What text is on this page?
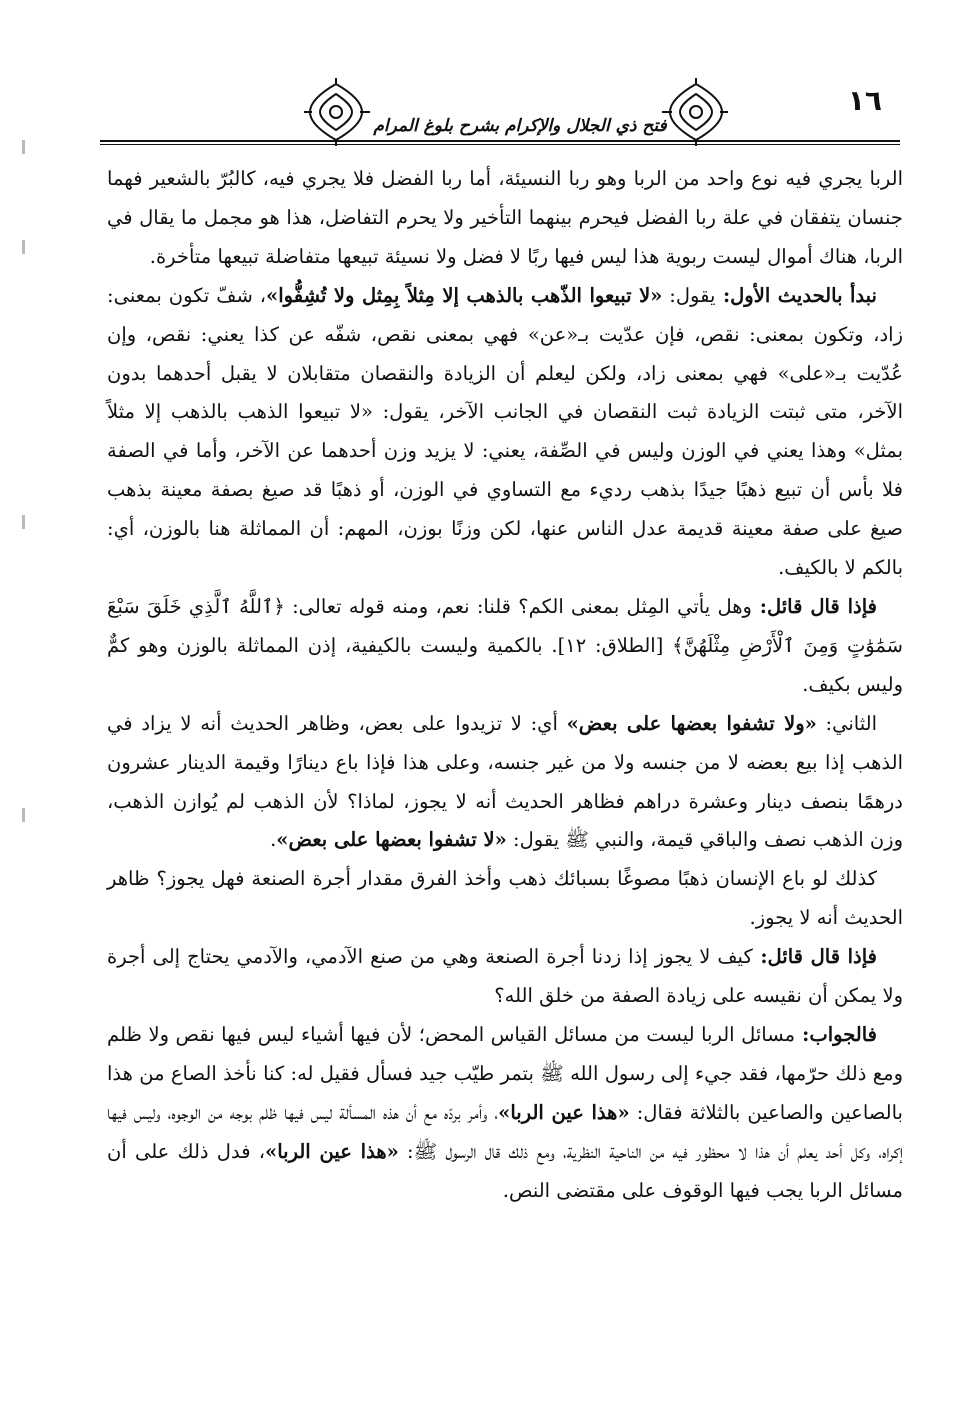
فتح ذي الجلال والإكرام بشرح بلوغ المرام
١٦

الربا يجري فيه نوع واحد من الربا وهو ربا النسيئة، أما ربا الفضل فلا يجري فيه، كالبُرّ بالشعير فهما جنسان يتفقان في علة ربا الفضل فيحرم بينهما التأخير ولا يحرم التفاضل، هذا هو مجمل ما يقال في الربا، هناك أموال ليست ربوية هذا ليس فيها ربًا لا فضل ولا نسيئة تبيعها متفاضلة تبيعها متأخرة.

نبدأ بالحديث الأول: يقول: «لا تبيعوا الذّهب بالذهب إلا مِثلاً بِمِثل ولا تُشِفُّوا»، شفّ تكون بمعنى: زاد، وتكون بمعنى: نقص، فإن عدّيت بـ«عن» فهي بمعنى نقص، شفّه عن كذا يعني: نقص، وإن عُدّيت بـ«على» فهي بمعنى زاد، ولكن ليعلم أن الزيادة والنقصان متقابلان لا يقبل أحدهما بدون الآخر، متى ثبتت الزيادة ثبت النقصان في الجانب الآخر، يقول: «لا تبيعوا الذهب بالذهب إلا مثلاً بمثل» وهذا يعني في الوزن وليس في الصِّفة، يعني: لا يزيد وزن أحدهما عن الآخر، وأما في الصفة فلا بأس أن تبيع ذهبًا جيدًا بذهب رديء مع التساوي في الوزن، أو ذهبًا قد صيغ بصفة معينة بذهب صيغ على صفة معينة قديمة عدل الناس عنها، لكن وزنًا بوزن، المهم: أن المماثلة هنا بالوزن، أي: بالكم لا بالكيف.

فإذا قال قائل: وهل يأتي المِثل بمعنى الكم؟ قلنا: نعم، ومنه قوله تعالى: ﴿ٱللَّهُ ٱلَّذِي خَلَقَ سَبْعَ سَمَٰوَٰتٍ وَمِنَ ٱلْأَرْضِ مِثْلَهُنَّ﴾ [الطلاق: ١٢]. بالكمية وليست بالكيفية، إذن المماثلة بالوزن وهو كمٌّ وليس بكيف.

الثاني: «ولا تشفوا بعضها على بعض» أي: لا تزيدوا على بعض، وظاهر الحديث أنه لا يزاد في الذهب إذا بيع بعضه لا من جنسه ولا من غير جنسه، وعلى هذا فإذا باع دينارًا وقيمة الدينار عشرون درهمًا بنصف دينار وعشرة دراهم فظاهر الحديث أنه لا يجوز، لماذا؟ لأن الذهب لم يُوازن الذهب، وزن الذهب نصف والباقي قيمة، والنبي ﷺ يقول: «لا تشفوا بعضها على بعض».

كذلك لو باع الإنسان ذهبًا مصوغًا بسبائك ذهب وأخذ الفرق مقدار أجرة الصنعة فهل يجوز؟ ظاهر الحديث أنه لا يجوز.

فإذا قال قائل: كيف لا يجوز إذا زدنا أجرة الصنعة وهي من صنع الآدمي، والآدمي يحتاج إلى أجرة ولا يمكن أن نقيسه على زيادة الصفة من خلق الله؟

فالجواب: مسائل الربا ليست من مسائل القياس المحض؛ لأن فيها أشياء ليس فيها نقص ولا ظلم ومع ذلك حرّمها، فقد جيء إلى رسول الله ﷺ بتمر طيّب جيد فسأل فقيل له: كنا نأخذ الصاع من هذا بالصاعين والصاعين بالثلاثة فقال: «هذا عين الربا»، وأمر بردّه مع أن هذه المسألة ليس فيها ظلم بوجه من الوجوه، وليس فيها إكراه، وكل أحد يعلم أن هذا لا محظور فيه من الناحية النظرية، ومع ذلك قال الرسول ﷺ: «هذا عين الربا»، فدل ذلك على أن مسائل الربا يجب فيها الوقوف على مقتضى النص.
